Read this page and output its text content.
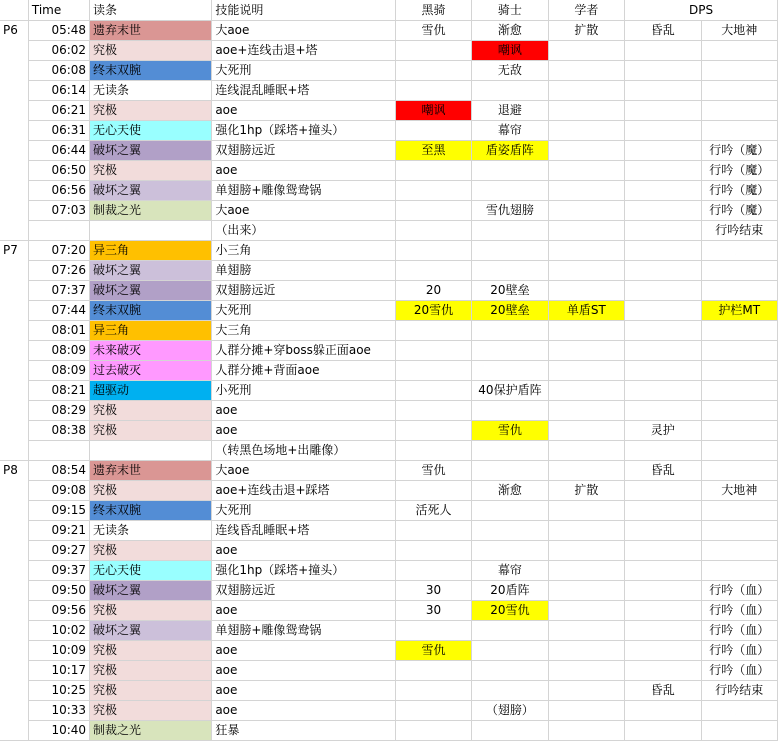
	Time	读条	技能说明	黑骑	骑士	学者	DPS	
P6	05:48	遗弃末世	大aoe	雪仇	渐愈	扩散	昏乱	大地神
	06:02	究极	aoe+连线击退+塔		嘲讽			
	06:08	终末双腕	大死刑		无敌			
	06:14	无读条	连线混乱睡眠+塔					
	06:21	究极	aoe	嘲讽	退避			
	06:31	无心天使	强化1hp（踩塔+撞头）		幕帘			
	06:44	破坏之翼	双翅膀远近	至黑	盾姿盾阵			行吟（魔）
	06:50	究极	aoe					行吟（魔）
	06:56	破坏之翼	单翅膀+雕像鸳鸯锅					行吟（魔）
	07:03	制裁之光	大aoe		雪仇翅膀			行吟（魔）
			（出来）					行吟结束
P7	07:20	异三角	小三角					
	07:26	破坏之翼	单翅膀					
	07:37	破坏之翼	双翅膀远近	20	20壁垒			
	07:44	终末双腕	大死刑	20雪仇	20壁垒	单盾ST		护栏MT
	08:01	异三角	大三角					
	08:09	未来破灭	人群分摊+穿boss躲正面aoe					
	08:09	过去破灭	人群分摊+背面aoe					
	08:21	超驱动	小死刑		40保护盾阵			
	08:29	究极	aoe					
	08:38	究极	aoe		雪仇		灵护	
			（转黑色场地+出雕像）					
P8	08:54	遗弃末世	大aoe	雪仇			昏乱	
	09:08	究极	aoe+连线击退+踩塔		渐愈	扩散		大地神
	09:15	终末双腕	大死刑	活死人				
	09:21	无读条	连线昏乱睡眠+塔					
	09:27	究极	aoe					
	09:37	无心天使	强化1hp（踩塔+撞头）		幕帘			
	09:50	破坏之翼	双翅膀远近	30	20盾阵			行吟（血）
	09:56	究极	aoe	30	20雪仇			行吟（血）
	10:02	破坏之翼	单翅膀+雕像鸳鸯锅					行吟（血）
	10:09	究极	aoe	雪仇				行吟（血）
	10:17	究极	aoe					行吟（血）
	10:25	究极	aoe				昏乱	行吟结束
	10:33	究极	aoe		（翅膀）			
	10:40	制裁之光	狂暴					
